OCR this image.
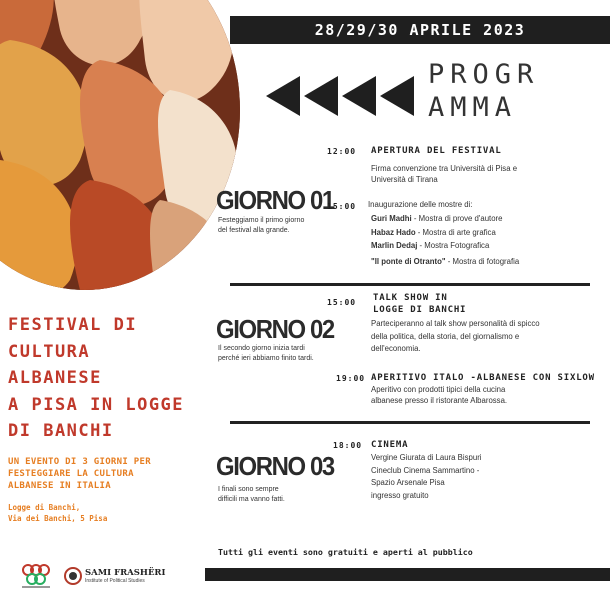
FESTIVAL DI
CULTURA
ALBANESE
A PISA IN LOGGE
DI BANCHI
UN EVENTO DI 3 GIORNI PER
FESTEGGIARE LA CULTURA
ALBANESE IN ITALIA
Logge di Banchi,
Via dei Banchi, 5 Pisa
SAMI FRASHËRI
Institute of Political Studies
28/29/30 APRILE 2023
PROGR
AMMA
12:00 APERTURA DEL FESTIVAL
Firma convenzione tra Università di Pisa e
Università di Tirana
GIORNO 01
Festeggiamo il primo giorno
del festival alla grande.
15:00 Inaugurazione delle mostre di:
Guri Madhi - Mostra di prove d'autore
Habaz Hado - Mostra di arte grafica
Marlin Dedaj - Mostra Fotografica
"Il ponte di Otranto" - Mostra di fotografia
15:00 TALK SHOW IN
LOGGE DI BANCHI
Parteciperanno al talk show personalità di spicco
della politica, della storia, del giornalismo e
dell'economia.
GIORNO 02
Il secondo giorno inizia tardi
perché ieri abbiamo finito tardi.
19:00 APERITIVO ITALO -ALBANESE CON SIXLOW
Aperitivo con prodotti tipici della cucina
albanese presso il ristorante Albarossa.
18:00 CINEMA
Vergine Giurata di Laura Bispuri
Cineclub Cinema Sammartino -
Spazio Arsenale Pisa
ingresso gratuito
GIORNO 03
I finali sono sempre
difficili ma vanno fatti.
Tutti gli eventi sono gratuiti e aperti al pubblico
